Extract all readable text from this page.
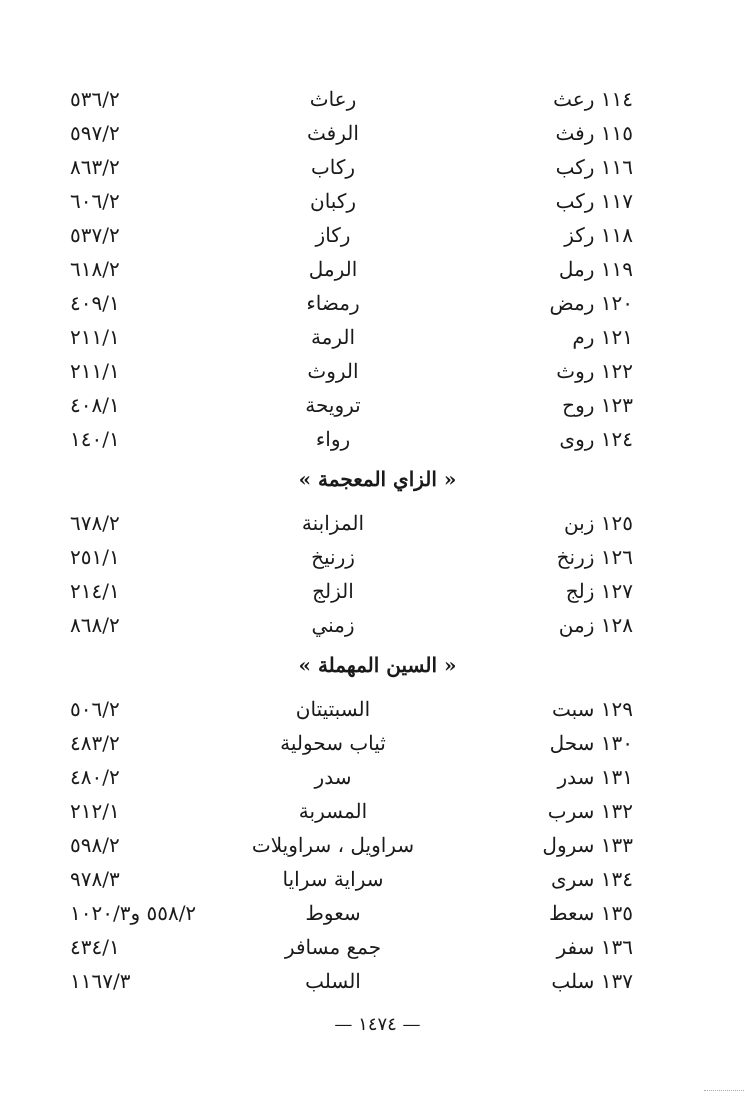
١١٤ رعث
رعاث
٥٣٦/٢
١١٥ رفث
الرفث
٥٩٧/٢
١١٦ ركب
ركاب
٨٦٣/٢
١١٧ ركب
ركبان
٦٠٦/٢
١١٨ ركز
ركاز
٥٣٧/٢
١١٩ رمل
الرمل
٦١٨/٢
١٢٠ رمض
رمضاء
٤٠٩/١
١٢١ رم
الرمة
٢١١/١
١٢٢ روث
الروث
٢١١/١
١٢٣ روح
ترويحة
٤٠٨/١
١٢٤ روى
رواء
١٤٠/١
« الزاي المعجمة »
١٢٥ زبن
المزابنة
٦٧٨/٢
١٢٦ زرنخ
زرنيخ
٢٥١/١
١٢٧ زلج
الزلج
٢١٤/١
١٢٨ زمن
زمني
٨٦٨/٢
« السين المهملة »
١٢٩ سبت
السبتيتان
٥٠٦/٢
١٣٠ سحل
ثياب سحولية
٤٨٣/٢
١٣١ سدر
سدر
٤٨٠/٢
١٣٢ سرب
المسربة
٢١٢/١
١٣٣ سرول
سراويل ، سراويلات
٥٩٨/٢
١٣٤ سرى
سراية سرايا
٩٧٨/٣
١٣٥ سعط
سعوط
٥٥٨/٢ و١٠٢٠/٣
١٣٦ سفر
جمع مسافر
٤٣٤/١
١٣٧ سلب
السلب
١١٦٧/٣
— ١٤٧٤ —
